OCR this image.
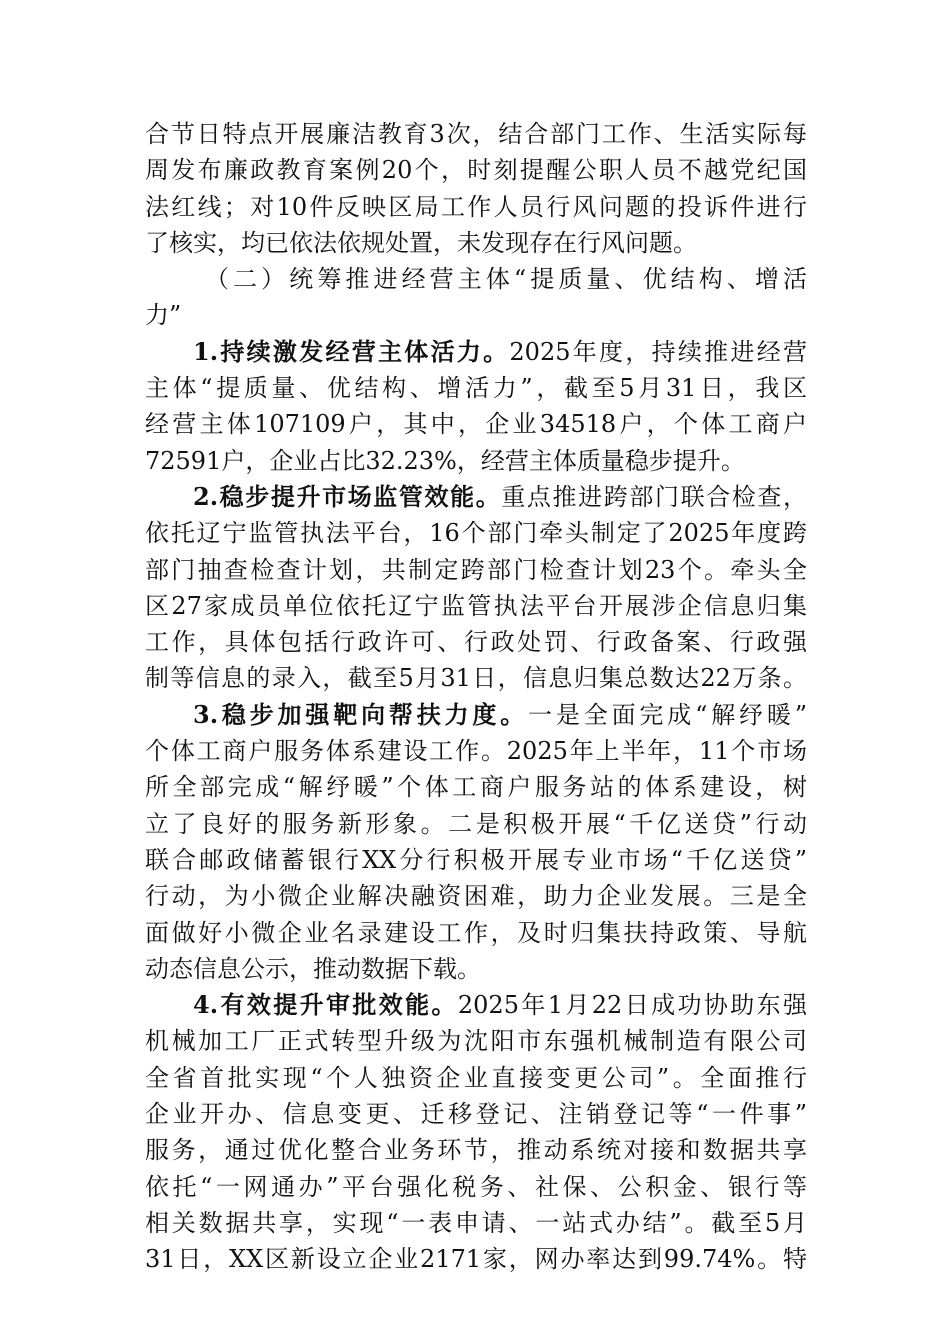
合节日特点开展廉洁教育3次，结合部门工作、生活实际每
周发布廉政教育案例20个，时刻提醒公职人员不越党纪国
法红线；对10件反映区局工作人员行风问题的投诉件进行
了核实，均已依法依规处置，未发现存在行风问题。
（二）统筹推进经营主体“提质量、优结构、增活
力”
1.持续激发经营主体活力。2025年度，持续推进经营
主体“提质量、优结构、增活力”，截至5月31日，我区
经营主体107109户，其中，企业34518户，个体工商户
72591户，企业占比32.23%，经营主体质量稳步提升。
2.稳步提升市场监管效能。重点推进跨部门联合检查，
依托辽宁监管执法平台，16个部门牵头制定了2025年度跨
部门抽查检查计划，共制定跨部门检查计划23个。牵头全
区27家成员单位依托辽宁监管执法平台开展涉企信息归集
工作，具体包括行政许可、行政处罚、行政备案、行政强
制等信息的录入，截至5月31日，信息归集总数达22万条。
3.稳步加强靶向帮扶力度。一是全面完成“解纾暖”
个体工商户服务体系建设工作。2025年上半年，11个市场
所全部完成“解纾暖”个体工商户服务站的体系建设，树
立了良好的服务新形象。二是积极开展“千亿送贷”行动
联合邮政储蓄银行XX分行积极开展专业市场“千亿送贷”
行动，为小微企业解决融资困难，助力企业发展。三是全
面做好小微企业名录建设工作，及时归集扶持政策、导航
动态信息公示，推动数据下载。
4.有效提升审批效能。2025年1月22日成功协助东强
机械加工厂正式转型升级为沈阳市东强机械制造有限公司
全省首批实现“个人独资企业直接变更公司”。全面推行
企业开办、信息变更、迁移登记、注销登记等“一件事”
服务，通过优化整合业务环节，推动系统对接和数据共享
依托“一网通办”平台强化税务、社保、公积金、银行等
相关数据共享，实现“一表申请、一站式办结”。截至5月
31日，XX区新设立企业2171家，网办率达到99.74%。特
